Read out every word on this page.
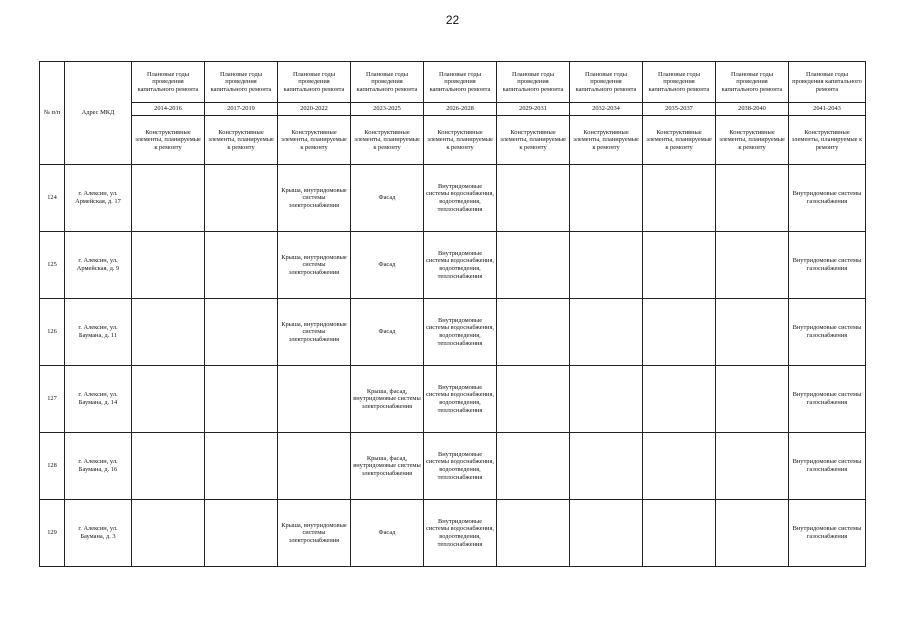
22
№ п/п	Адрес МКД	Плановые годы проведения капитального ремонта	Плановые годы проведения капитального ремонта	Плановые годы проведения капитального ремонта	Плановые годы проведения капитального ремонта	Плановые годы проведения капитального ремонта	Плановые годы проведения капитального ремонта	Плановые годы проведения капитального ремонта	Плановые годы проведения капитального ремонта	Плановые годы проведения капитального ремонта	Плановые годы проведения капитального ремонта
		2014-2016	2017-2019	2020-2022	2023-2025	2026-2028	2029-2031	2032-2034	2035-2037	2038-2040	2041-2043
		Конструктивные элементы, планируемые к ремонту	Конструктивные элементы, планируемые к ремонту	Конструктивные элементы, планируемые к ремонту	Конструктивные элементы, планируемые к ремонту	Конструктивные элементы, планируемые к ремонту	Конструктивные элементы, планируемые к ремонту	Конструктивные элементы, планируемые к ремонту	Конструктивные элементы, планируемые к ремонту	Конструктивные элементы, планируемые к ремонту	Конструктивные элементы, планируемые к ремонту
124	г. Алексин, ул. Армейская, д. 17			Крыша, внутридомовые системы электроснабжения	Фасад	Внутридомовые системы водоснабжения, водоотведения, теплоснабжения					Внутридомовые системы газоснабжения
125	г. Алексин, ул. Армейская, д. 9			Крыша, внутридомовые системы электроснабжения	Фасад	Внутридомовые системы водоснабжения, водоотведения, теплоснабжения					Внутридомовые системы газоснабжения
126	г. Алексин, ул. Баумана, д. 11			Крыша, внутридомовые системы электроснабжения	Фасад	Внутридомовые системы водоснабжения, водоотведения, теплоснабжения					Внутридомовые системы газоснабжения
127	г. Алексин, ул. Баумана, д. 14				Крыша, фасад, внутридомовые системы электроснабжения	Внутридомовые системы водоснабжения, водоотведения, теплоснабжения					Внутридомовые системы газоснабжения
128	г. Алексин, ул. Баумана, д. 16				Крыша, фасад, внутридомовые системы электроснабжения	Внутридомовые системы водоснабжения, водоотведения, теплоснабжения					Внутридомовые системы газоснабжения
129	г. Алексин, ул. Баумана, д. 3			Крыша, внутридомовые системы электроснабжения	Фасад	Внутридомовые системы водоснабжения, водоотведения, теплоснабжения					Внутридомовые системы газоснабжения
